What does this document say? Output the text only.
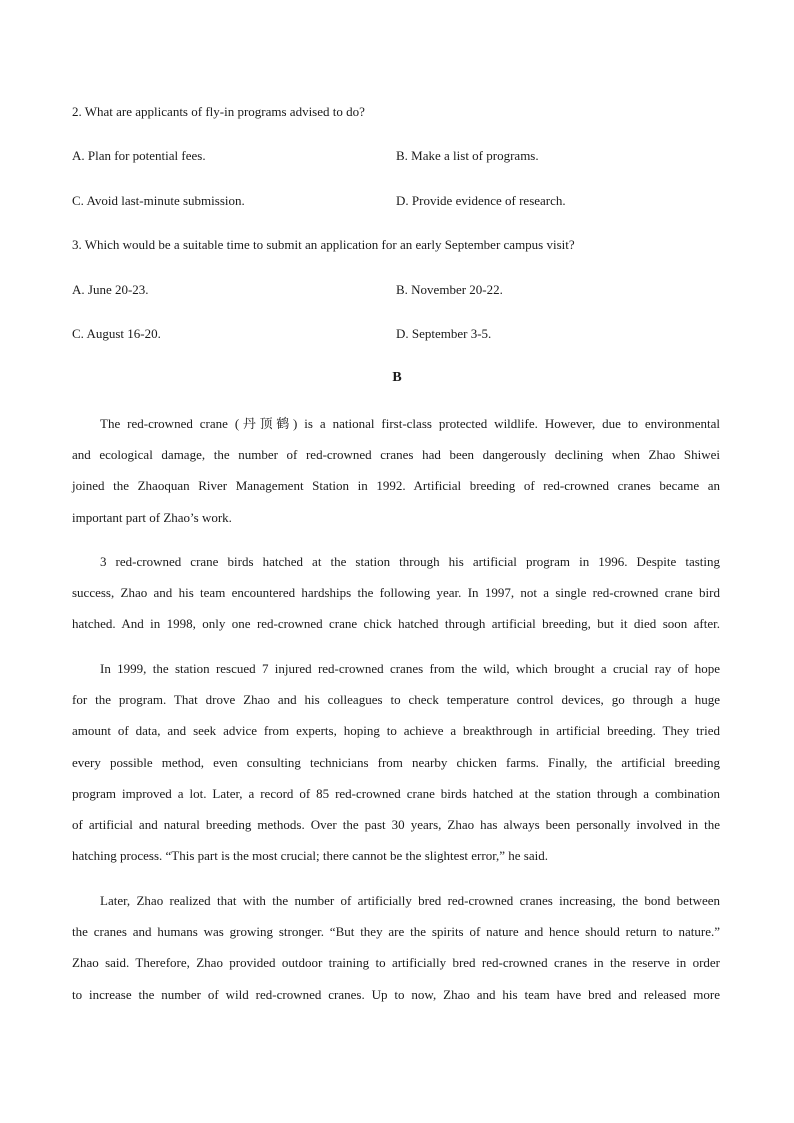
2. What are applicants of fly-in programs advised to do?
A. Plan for potential fees.	B. Make a list of programs.
C. Avoid last-minute submission.	D. Provide evidence of research.
3. Which would be a suitable time to submit an application for an early September campus visit?
A. June 20-23.	B. November 20-22.
C. August 16-20.	D. September 3-5.
B
The red-crowned crane (丹顶鹤) is a national first-class protected wildlife. However, due to environmental
and ecological damage, the number of red-crowned cranes had been dangerously declining when Zhao Shiwei
joined the Zhaoquan River Management Station in 1992. Artificial breeding of red-crowned cranes became an
important part of Zhao’s work.
3 red-crowned crane birds hatched at the station through his artificial program in 1996. Despite tasting
success, Zhao and his team encountered hardships the following year. In 1997, not a single red-crowned crane bird
hatched. And in 1998, only one red-crowned crane chick hatched through artificial breeding, but it died soon after.
In 1999, the station rescued 7 injured red-crowned cranes from the wild, which brought a crucial ray of hope
for the program. That drove Zhao and his colleagues to check temperature control devices, go through a huge
amount of data, and seek advice from experts, hoping to achieve a breakthrough in artificial breeding. They tried
every possible method, even consulting technicians from nearby chicken farms. Finally, the artificial breeding
program improved a lot. Later, a record of 85 red-crowned crane birds hatched at the station through a combination
of artificial and natural breeding methods. Over the past 30 years, Zhao has always been personally involved in the
hatching process. “This part is the most crucial; there cannot be the slightest error,” he said.
Later, Zhao realized that with the number of artificially bred red-crowned cranes increasing, the bond between
the cranes and humans was growing stronger. “But they are the spirits of nature and hence should return to nature.”
Zhao said. Therefore, Zhao provided outdoor training to artificially bred red-crowned cranes in the reserve in order
to increase the number of wild red-crowned cranes. Up to now, Zhao and his team have bred and released more
